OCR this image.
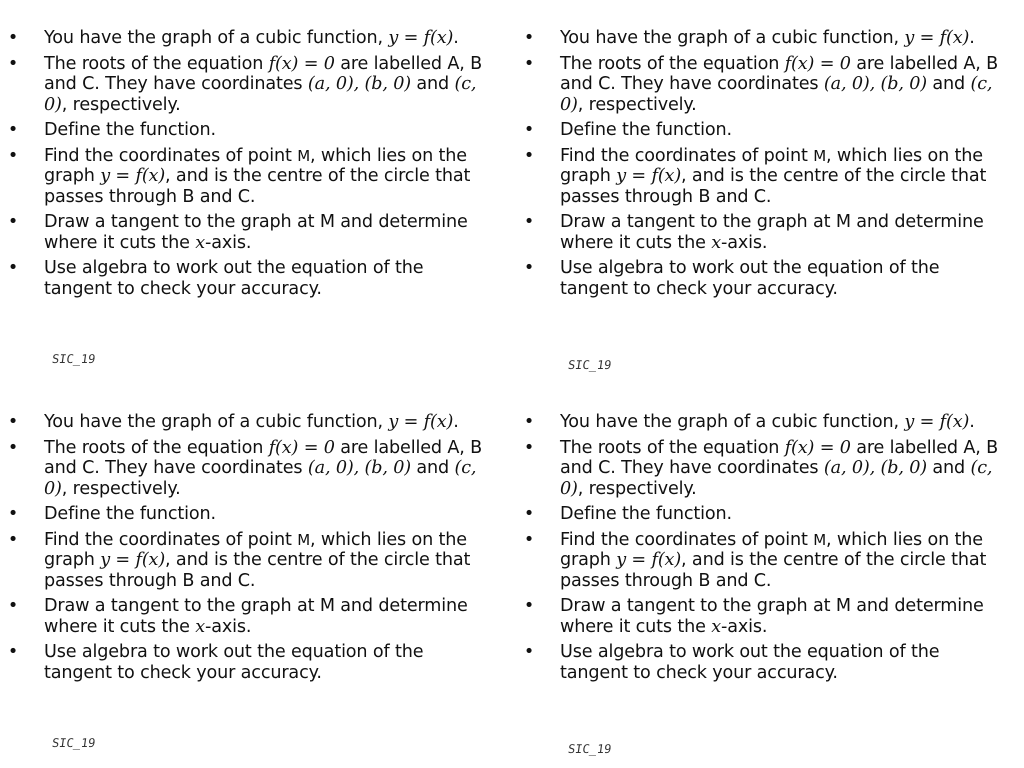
• You have the graph of a cubic function, y = f(x).
• The roots of the equation f(x) = 0 are labelled A, B and C. They have coordinates (a, 0), (b, 0) and (c, 0), respectively.
• Define the function.
• Find the coordinates of point M, which lies on the graph y = f(x), and is the centre of the circle that passes through B and C.
• Draw a tangent to the graph at M and determine where it cuts the x-axis.
• Use algebra to work out the equation of the tangent to check your accuracy.
SIC_19
• You have the graph of a cubic function, y = f(x).
• The roots of the equation f(x) = 0 are labelled A, B and C. They have coordinates (a, 0), (b, 0) and (c, 0), respectively.
• Define the function.
• Find the coordinates of point M, which lies on the graph y = f(x), and is the centre of the circle that passes through B and C.
• Draw a tangent to the graph at M and determine where it cuts the x-axis.
• Use algebra to work out the equation of the tangent to check your accuracy.
SIC_19
• You have the graph of a cubic function, y = f(x).
• The roots of the equation f(x) = 0 are labelled A, B and C. They have coordinates (a, 0), (b, 0) and (c, 0), respectively.
• Define the function.
• Find the coordinates of point M, which lies on the graph y = f(x), and is the centre of the circle that passes through B and C.
• Draw a tangent to the graph at M and determine where it cuts the x-axis.
• Use algebra to work out the equation of the tangent to check your accuracy.
SIC_19
• You have the graph of a cubic function, y = f(x).
• The roots of the equation f(x) = 0 are labelled A, B and C. They have coordinates (a, 0), (b, 0) and (c, 0), respectively.
• Define the function.
• Find the coordinates of point M, which lies on the graph y = f(x), and is the centre of the circle that passes through B and C.
• Draw a tangent to the graph at M and determine where it cuts the x-axis.
• Use algebra to work out the equation of the tangent to check your accuracy.
SIC_19
